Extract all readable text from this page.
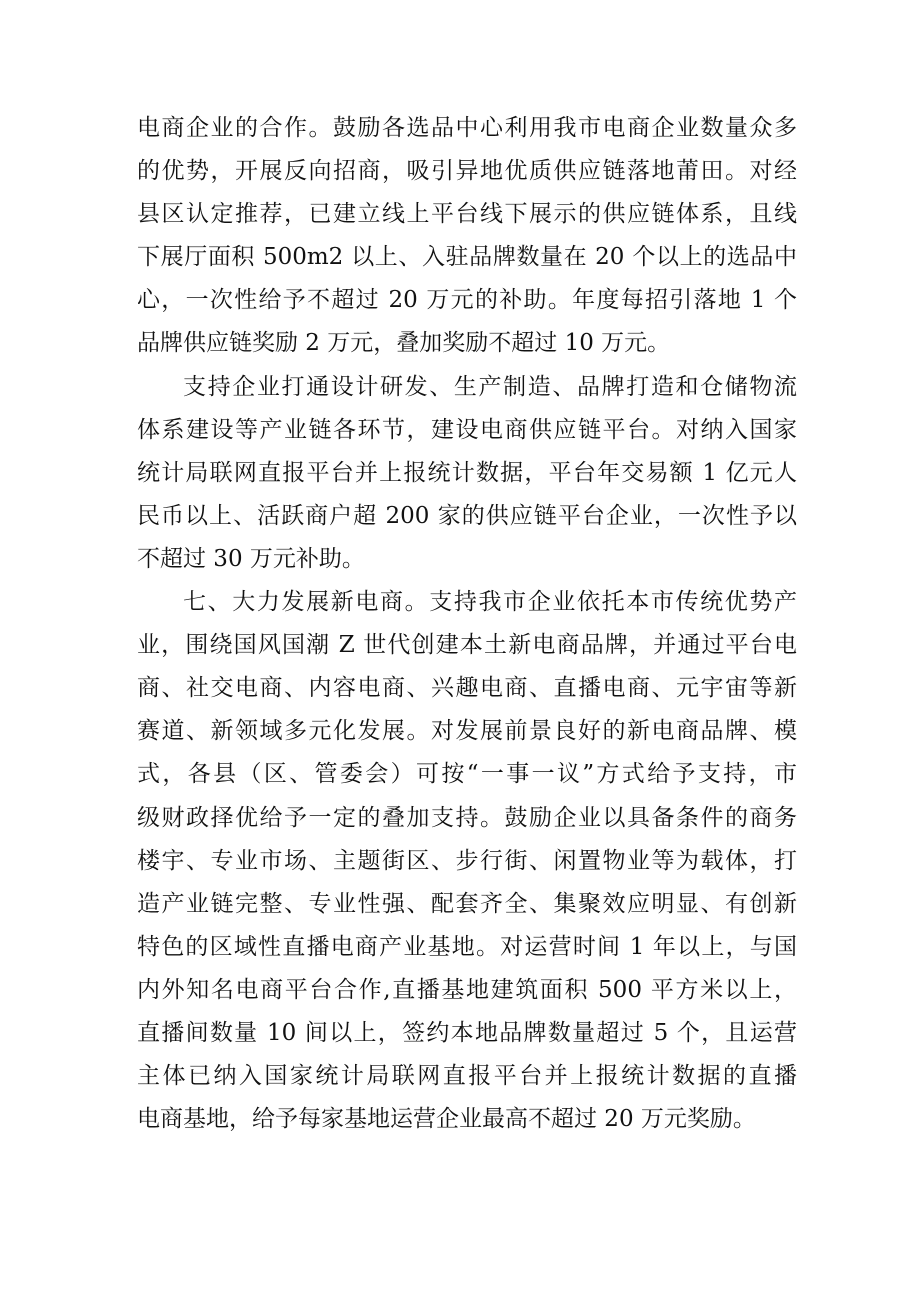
电商企业的合作。鼓励各选品中心利用我市电商企业数量众多

的优势，开展反向招商，吸引异地优质供应链落地莆田。对经

县区认定推荐，已建立线上平台线下展示的供应链体系，且线

下展厅面积 500m2 以上、入驻品牌数量在 20 个以上的选品中

心，一次性给予不超过 20 万元的补助。年度每招引落地 1 个

品牌供应链奖励 2 万元，叠加奖励不超过 10 万元。

支持企业打通设计研发、生产制造、品牌打造和仓储物流

体系建设等产业链各环节，建设电商供应链平台。对纳入国家

统计局联网直报平台并上报统计数据，平台年交易额 1 亿元人

民币以上、活跃商户超 200 家的供应链平台企业，一次性予以

不超过 30 万元补助。

七、大力发展新电商。支持我市企业依托本市传统优势产

业，围绕国风国潮 Z 世代创建本土新电商品牌，并通过平台电

商、社交电商、内容电商、兴趣电商、直播电商、元宇宙等新

赛道、新领域多元化发展。对发展前景良好的新电商品牌、模

式，各县（区、管委会）可按“一事一议”方式给予支持，市

级财政择优给予一定的叠加支持。鼓励企业以具备条件的商务

楼宇、专业市场、主题街区、步行街、闲置物业等为载体，打

造产业链完整、专业性强、配套齐全、集聚效应明显、有创新

特色的区域性直播电商产业基地。对运营时间 1 年以上，与国

内外知名电商平台合作,直播基地建筑面积 500 平方米以上，

直播间数量 10 间以上，签约本地品牌数量超过 5 个，且运营

主体已纳入国家统计局联网直报平台并上报统计数据的直播

电商基地，给予每家基地运营企业最高不超过 20 万元奖励。
